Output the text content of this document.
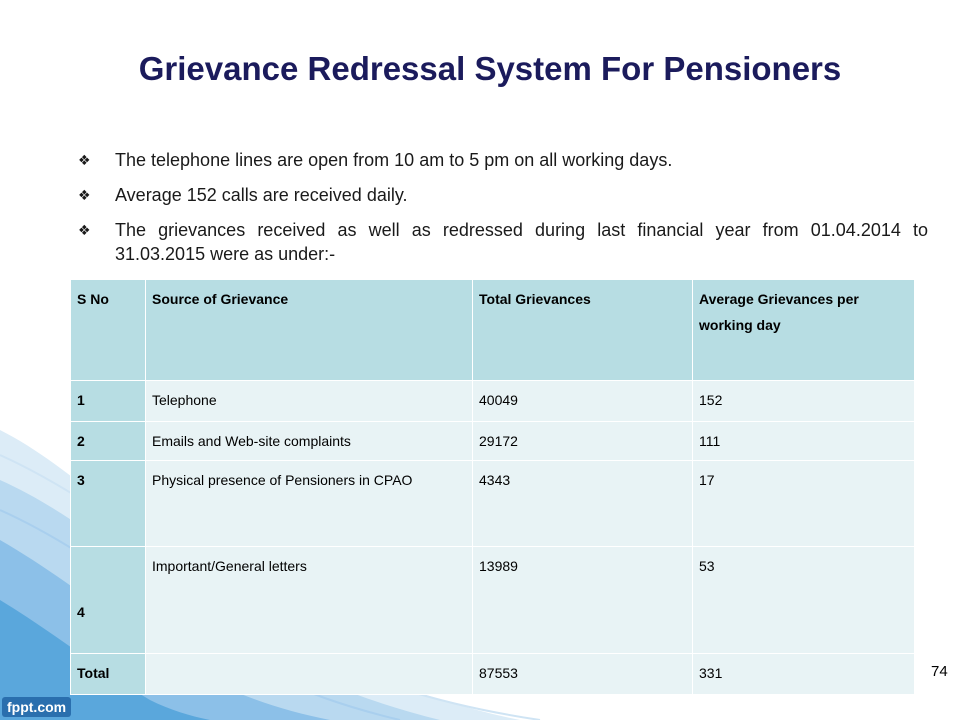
Grievance Redressal System For Pensioners
❖ The telephone lines are open from 10 am to 5 pm on all working days.
❖ Average 152 calls are received daily.
❖ The grievances received as well as redressed during last financial year from 01.04.2014 to 31.03.2015 were as under:-
S No	Source of Grievance	Total Grievances	Average Grievances per working day
1	Telephone	40049	152
2	Emails and Web-site complaints	29172	111
3	Physical presence of Pensioners in CPAO	4343	17
4	Important/General letters	13989	53
Total		87553	331	74
fppt.com
